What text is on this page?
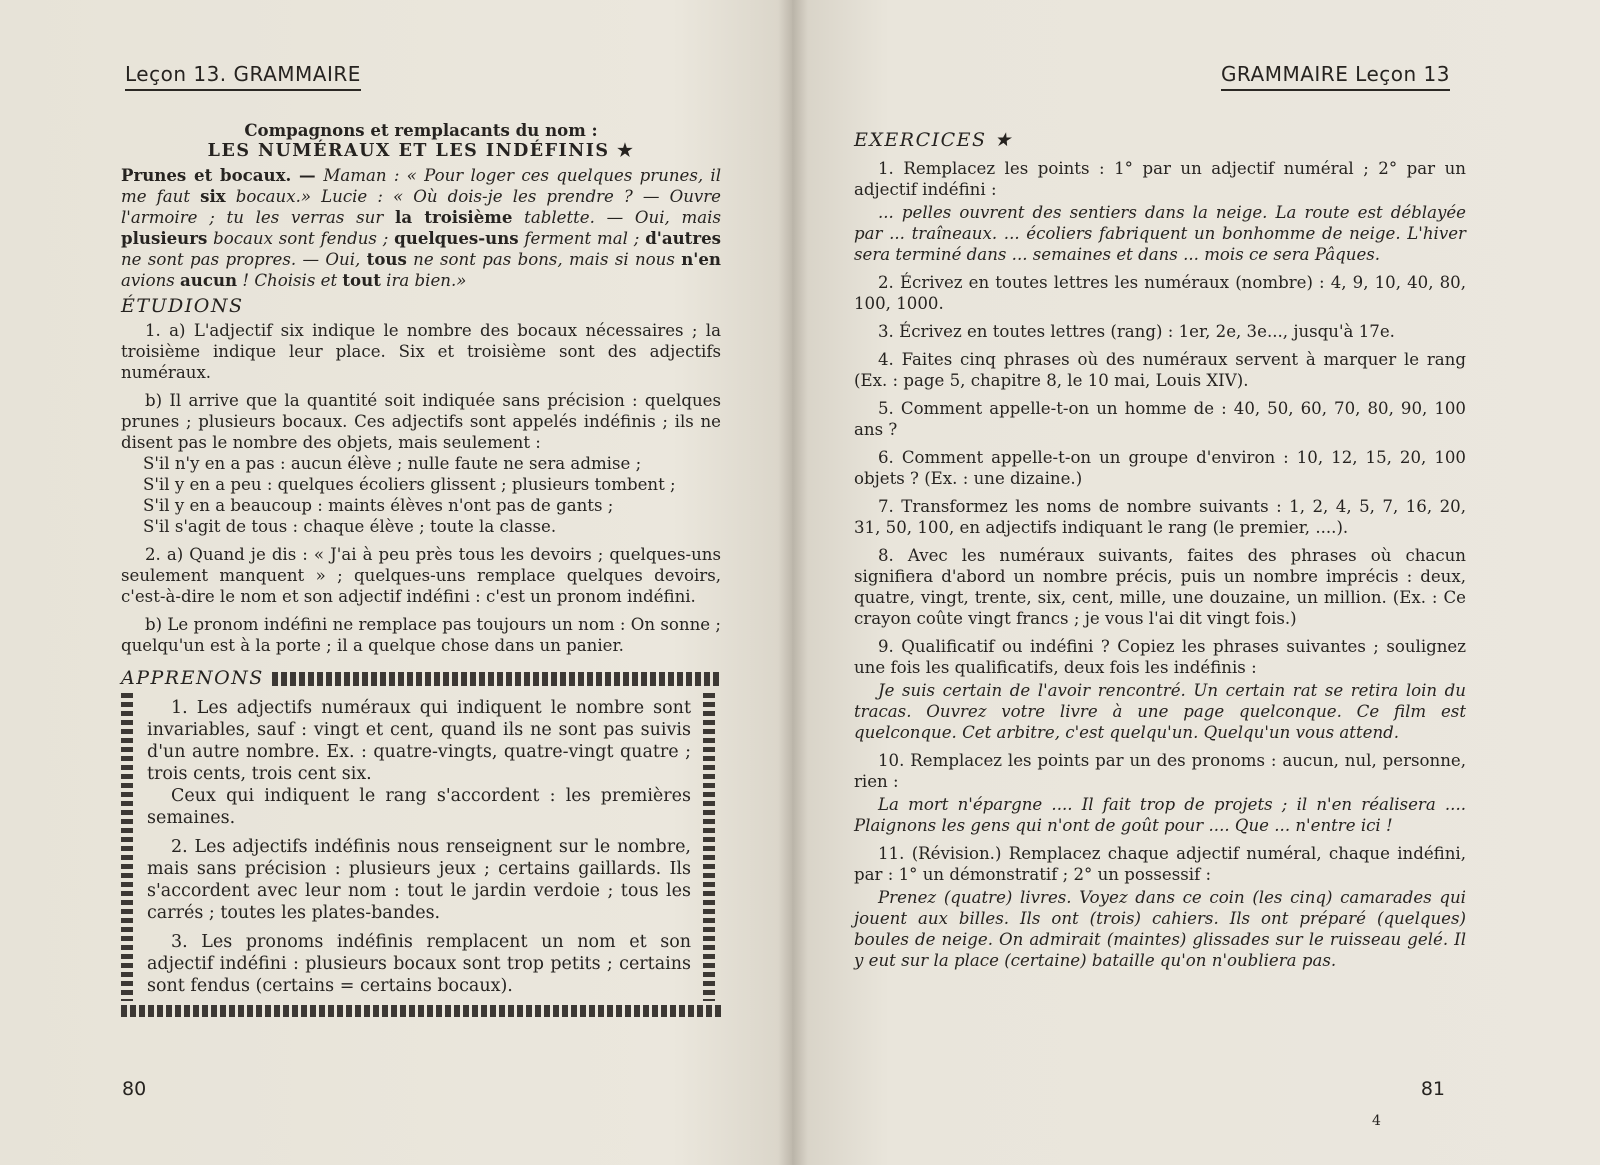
Leçon 13. GRAMMAIRE

Compagnons et remplacants du nom :

LES NUMÉRAUX ET LES INDÉFINIS ★

Prunes et bocaux. — Maman : « Pour loger ces quelques prunes, il me faut six bocaux.» Lucie : « Où dois-je les prendre ? — Ouvre l'armoire ; tu les verras sur la troisième tablette. — Oui, mais plusieurs bocaux sont fendus ; quelques-uns ferment mal ; d'autres ne sont pas propres. — Oui, tous ne sont pas bons, mais si nous n'en avions aucun ! Choisis et tout ira bien.»

ÉTUDIONS

1. a) L'adjectif six indique le nombre des bocaux nécessaires ; la troisième indique leur place. Six et troisième sont des adjectifs numéraux.

b) Il arrive que la quantité soit indiquée sans précision : quelques prunes ; plusieurs bocaux. Ces adjectifs sont appelés indéfinis ; ils ne disent pas le nombre des objets, mais seulement :

S'il n'y en a pas : aucun élève ; nulle faute ne sera admise ;

S'il y en a peu : quelques écoliers glissent ; plusieurs tombent ;

S'il y en a beaucoup : maints élèves n'ont pas de gants ;

S'il s'agit de tous : chaque élève ; toute la classe.

2. a) Quand je dis : « J'ai à peu près tous les devoirs ; quelques-uns seulement manquent » ; quelques-uns remplace quelques devoirs, c'est-à-dire le nom et son adjectif indéfini : c'est un pronom indéfini.

b) Le pronom indéfini ne remplace pas toujours un nom : On sonne ; quelqu'un est à la porte ; il a quelque chose dans un panier.

APPRENONS

1. Les adjectifs numéraux qui indiquent le nombre sont invariables, sauf : vingt et cent, quand ils ne sont pas suivis d'un autre nombre. Ex. : quatre-vingts, quatre-vingt quatre ; trois cents, trois cent six.

Ceux qui indiquent le rang s'accordent : les premières semaines.

2. Les adjectifs indéfinis nous renseignent sur le nombre, mais sans précision : plusieurs jeux ; certains gaillards. Ils s'accordent avec leur nom : tout le jardin verdoie ; tous les carrés ; toutes les plates-bandes.

3. Les pronoms indéfinis remplacent un nom et son adjectif indéfini : plusieurs bocaux sont trop petits ; certains sont fendus (certains = certains bocaux).

80
GRAMMAIRE Leçon 13

EXERCICES ★

1. Remplacez les points : 1° par un adjectif numéral ; 2° par un adjectif indéfini :

... pelles ouvrent des sentiers dans la neige. La route est déblayée par ... traîneaux. ... écoliers fabriquent un bonhomme de neige. L'hiver sera terminé dans ... semaines et dans ... mois ce sera Pâques.

2. Écrivez en toutes lettres les numéraux (nombre) : 4, 9, 10, 40, 80, 100, 1000.

3. Écrivez en toutes lettres (rang) : 1er, 2e, 3e..., jusqu'à 17e.

4. Faites cinq phrases où des numéraux servent à marquer le rang (Ex. : page 5, chapitre 8, le 10 mai, Louis XIV).

5. Comment appelle-t-on un homme de : 40, 50, 60, 70, 80, 90, 100 ans ?

6. Comment appelle-t-on un groupe d'environ : 10, 12, 15, 20, 100 objets ? (Ex. : une dizaine.)

7. Transformez les noms de nombre suivants : 1, 2, 4, 5, 7, 16, 20, 31, 50, 100, en adjectifs indiquant le rang (le premier, ....).

8. Avec les numéraux suivants, faites des phrases où chacun signifiera d'abord un nombre précis, puis un nombre imprécis : deux, quatre, vingt, trente, six, cent, mille, une douzaine, un million. (Ex. : Ce crayon coûte vingt francs ; je vous l'ai dit vingt fois.)

9. Qualificatif ou indéfini ? Copiez les phrases suivantes ; soulignez une fois les qualificatifs, deux fois les indéfinis :

Je suis certain de l'avoir rencontré. Un certain rat se retira loin du tracas. Ouvrez votre livre à une page quelconque. Ce film est quelconque. Cet arbitre, c'est quelqu'un. Quelqu'un vous attend.

10. Remplacez les points par un des pronoms : aucun, nul, personne, rien :

La mort n'épargne .... Il fait trop de projets ; il n'en réalisera .... Plaignons les gens qui n'ont de goût pour .... Que ... n'entre ici !

11. (Révision.) Remplacez chaque adjectif numéral, chaque indéfini, par : 1° un démonstratif ; 2° un possessif :

Prenez (quatre) livres. Voyez dans ce coin (les cinq) camarades qui jouent aux billes. Ils ont (trois) cahiers. Ils ont préparé (quelques) boules de neige. On admirait (maintes) glissades sur le ruisseau gelé. Il y eut sur la place (certaine) bataille qu'on n'oubliera pas.

81
4
